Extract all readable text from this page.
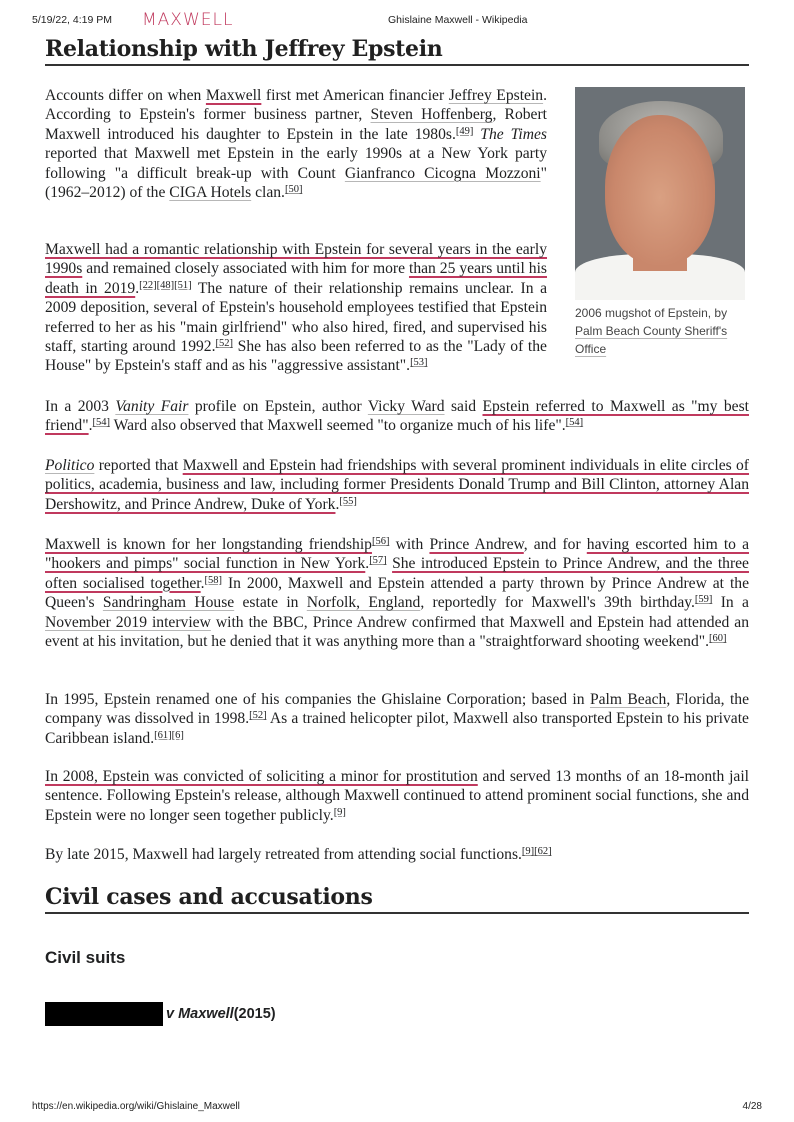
5/19/22, 4:19 PM MAXWELL	Ghislaine Maxwell - Wikipedia
Relationship with Jeffrey Epstein
2006 mugshot of Epstein, by Palm Beach County Sheriff's Office

Accounts differ on when Maxwell first met American financier Jeffrey Epstein. According to Epstein's former business partner, Steven Hoffenberg, Robert Maxwell introduced his daughter to Epstein in the late 1980s.[49] The Times reported that Maxwell met Epstein in the early 1990s at a New York party following "a difficult break-up with Count Gianfranco Cicogna Mozzoni" (1962–2012) of the CIGA Hotels clan.[50]

Maxwell had a romantic relationship with Epstein for several years in the early 1990s and remained closely associated with him for more than 25 years until his death in 2019.[22][48][51] The nature of their relationship remains unclear. In a 2009 deposition, several of Epstein's household employees testified that Epstein referred to her as his "main girlfriend" who also hired, fired, and supervised his staff, starting around 1992.[52] She has also been referred to as the "Lady of the House" by Epstein's staff and as his "aggressive assistant".[53]

In a 2003 Vanity Fair profile on Epstein, author Vicky Ward said Epstein referred to Maxwell as "my best friend".[54] Ward also observed that Maxwell seemed "to organize much of his life".[54]

Politico reported that Maxwell and Epstein had friendships with several prominent individuals in elite circles of politics, academia, business and law, including former Presidents Donald Trump and Bill Clinton, attorney Alan Dershowitz, and Prince Andrew, Duke of York.[55]

Maxwell is known for her longstanding friendship[56] with Prince Andrew, and for having escorted him to a "hookers and pimps" social function in New York.[57] She introduced Epstein to Prince Andrew, and the three often socialised together.[58] In 2000, Maxwell and Epstein attended a party thrown by Prince Andrew at the Queen's Sandringham House estate in Norfolk, England, reportedly for Maxwell's 39th birthday.[59] In a November 2019 interview with the BBC, Prince Andrew confirmed that Maxwell and Epstein had attended an event at his invitation, but he denied that it was anything more than a "straightforward shooting weekend".[60]

In 1995, Epstein renamed one of his companies the Ghislaine Corporation; based in Palm Beach, Florida, the company was dissolved in 1998.[52] As a trained helicopter pilot, Maxwell also transported Epstein to his private Caribbean island.[61][6]

In 2008, Epstein was convicted of soliciting a minor for prostitution and served 13 months of an 18-month jail sentence. Following Epstein's release, although Maxwell continued to attend prominent social functions, she and Epstein were no longer seen together publicly.[9]

By late 2015, Maxwell had largely retreated from attending social functions.[9][62]

Civil cases and accusations
Civil suits
v Maxwell (2015)
https://en.wikipedia.org/wiki/Ghislaine_Maxwell	4/28
